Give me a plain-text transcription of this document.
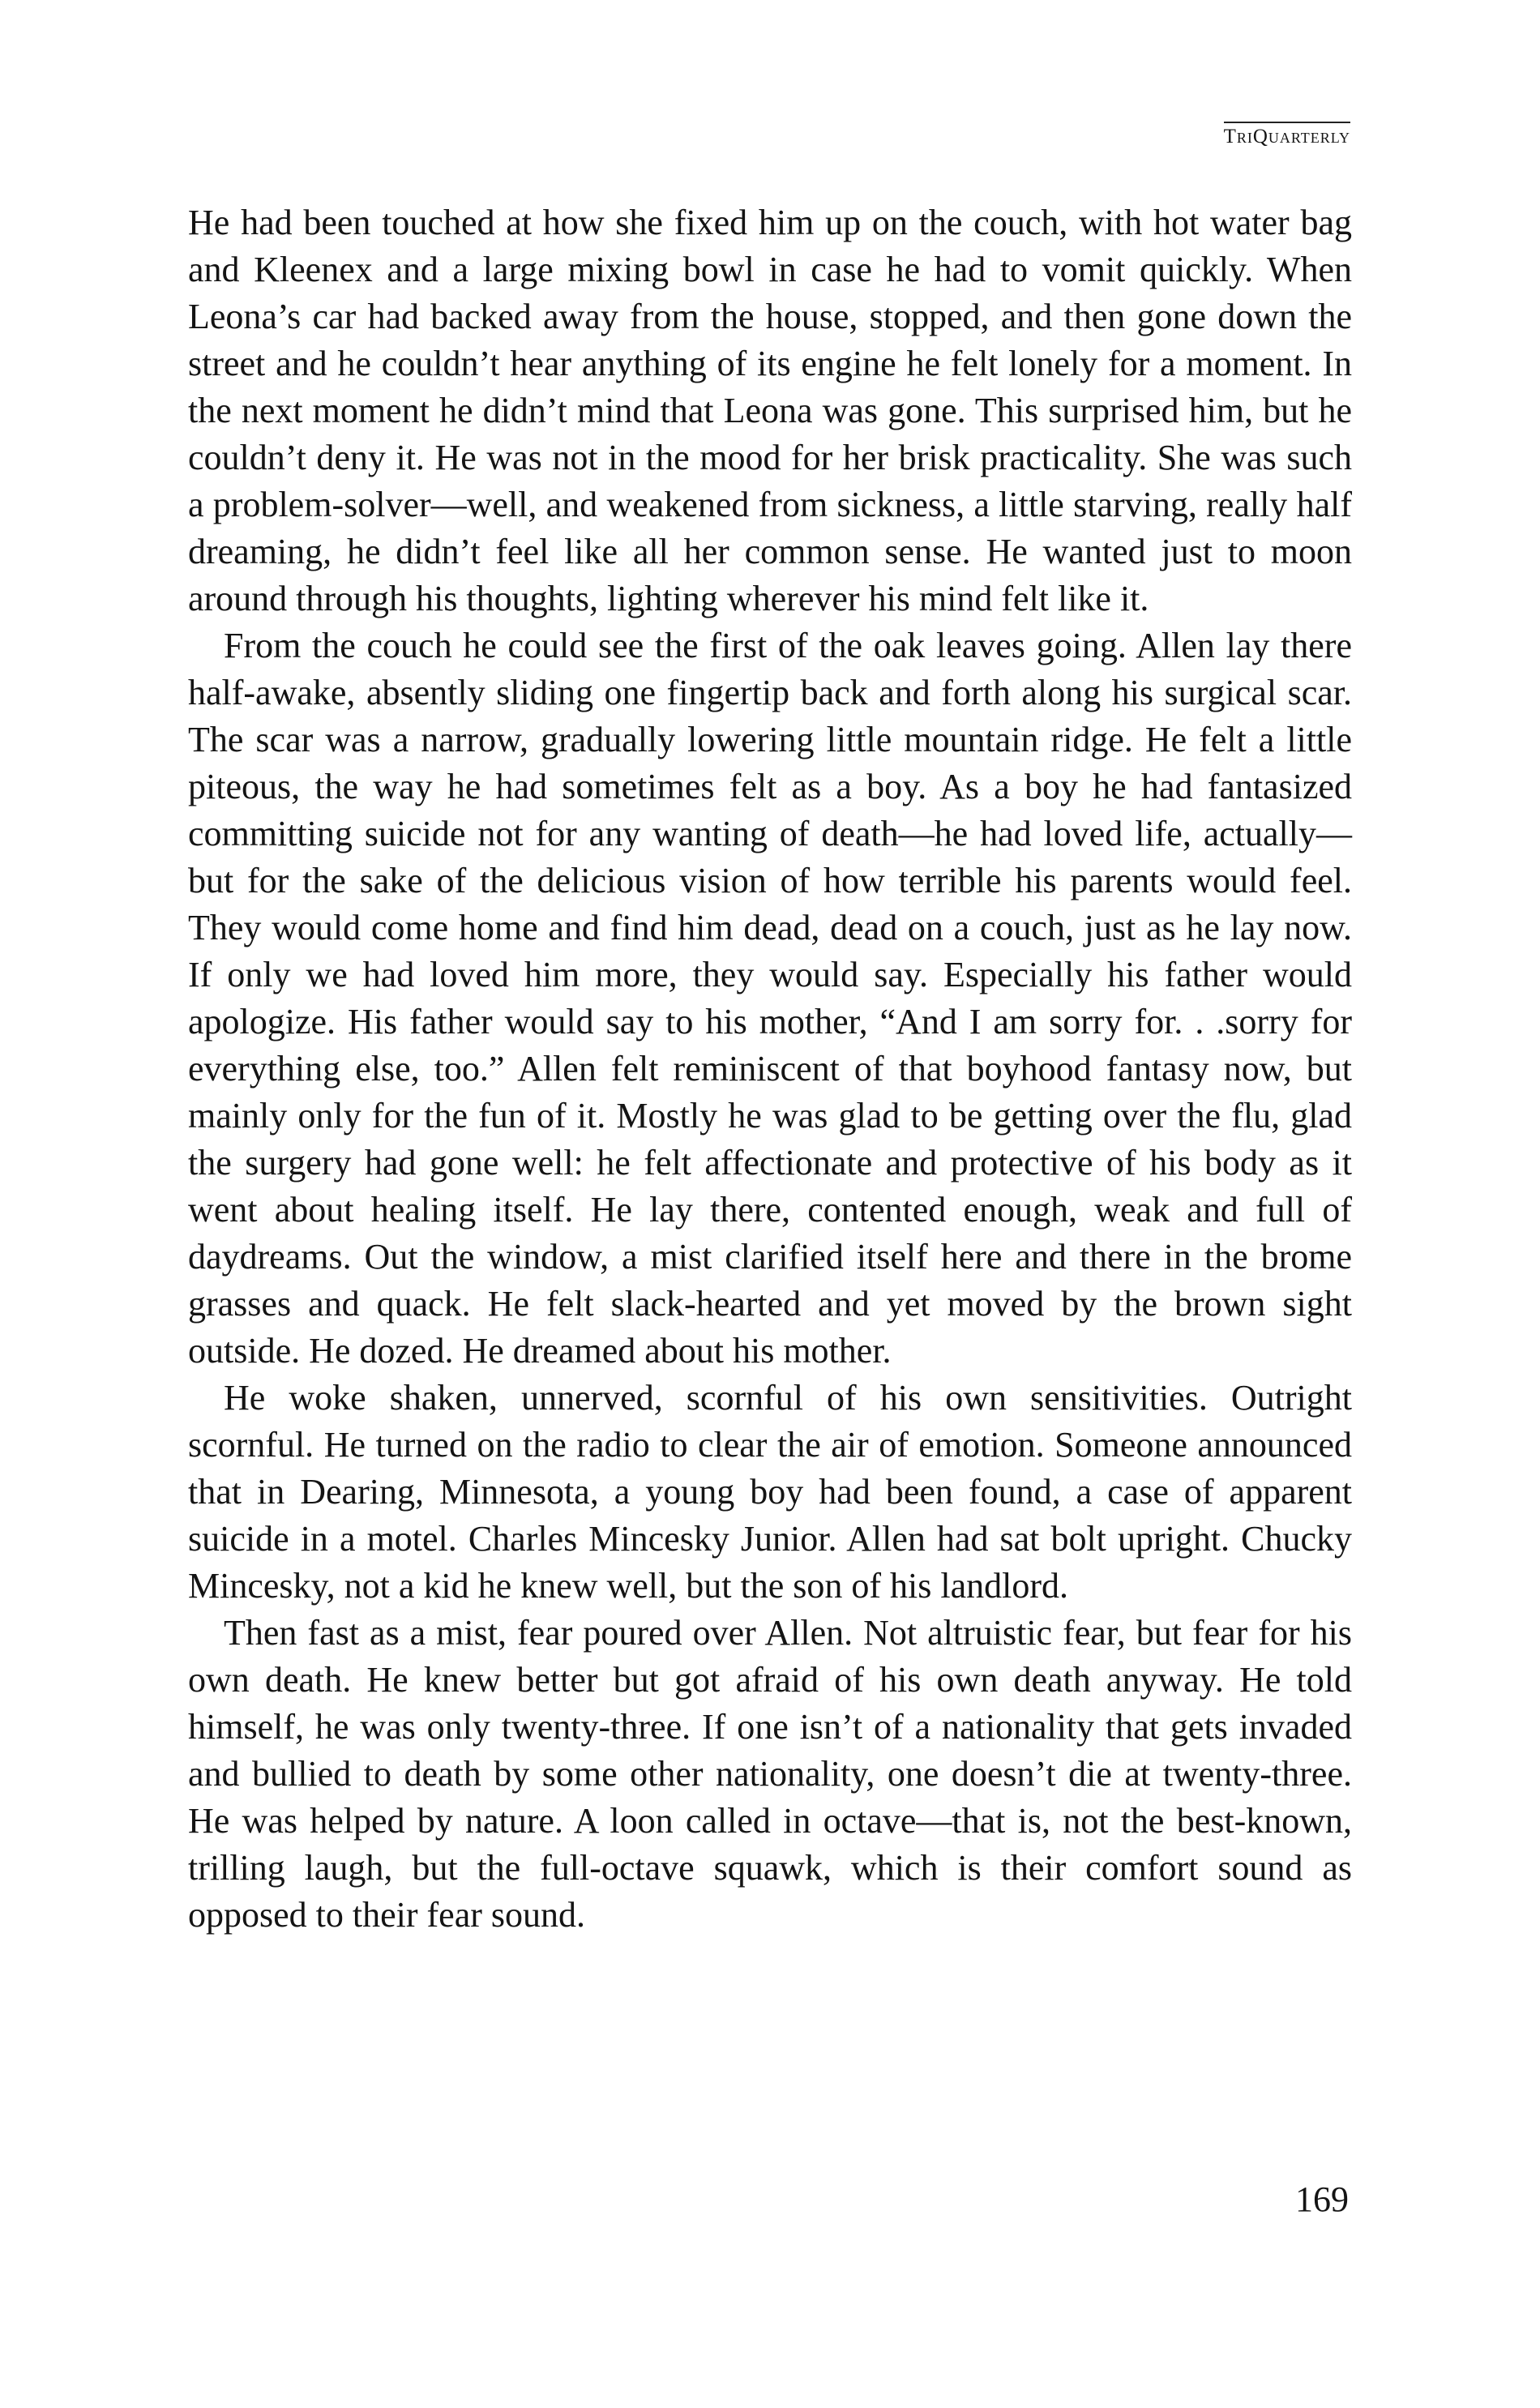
TriQuarterly

He had been touched at how she fixed him up on the couch, with hot water bag and Kleenex and a large mixing bowl in case he had to vomit quickly. When Leona’s car had backed away from the house, stopped, and then gone down the street and he couldn’t hear anything of its engine he felt lonely for a moment. In the next moment he didn’t mind that Leona was gone. This surprised him, but he couldn’t deny it. He was not in the mood for her brisk practicality. She was such a problem-solver—well, and weakened from sickness, a little starving, really half dreaming, he didn’t feel like all her common sense. He wanted just to moon around through his thoughts, lighting wherever his mind felt like it.

From the couch he could see the first of the oak leaves going. Allen lay there half-awake, absently sliding one fingertip back and forth along his surgical scar. The scar was a narrow, gradually lowering little mountain ridge. He felt a little piteous, the way he had sometimes felt as a boy. As a boy he had fantasized committing suicide not for any wanting of death—he had loved life, actually—but for the sake of the delicious vision of how terrible his parents would feel. They would come home and find him dead, dead on a couch, just as he lay now. If only we had loved him more, they would say. Especially his father would apologize. His father would say to his mother, “And I am sorry for. . .sorry for everything else, too.” Allen felt reminiscent of that boyhood fantasy now, but mainly only for the fun of it. Mostly he was glad to be getting over the flu, glad the surgery had gone well: he felt affectionate and protective of his body as it went about healing itself. He lay there, contented enough, weak and full of daydreams. Out the window, a mist clarified itself here and there in the brome grasses and quack. He felt slack-hearted and yet moved by the brown sight outside. He dozed. He dreamed about his mother.

He woke shaken, unnerved, scornful of his own sensitivities. Outright scornful. He turned on the radio to clear the air of emotion. Someone announced that in Dearing, Minnesota, a young boy had been found, a case of apparent suicide in a motel. Charles Mincesky Junior. Allen had sat bolt upright. Chucky Mincesky, not a kid he knew well, but the son of his landlord.

Then fast as a mist, fear poured over Allen. Not altruistic fear, but fear for his own death. He knew better but got afraid of his own death anyway. He told himself, he was only twenty-three. If one isn’t of a nationality that gets invaded and bullied to death by some other nationality, one doesn’t die at twenty-three. He was helped by nature. A loon called in octave—that is, not the best-known, trilling laugh, but the full-octave squawk, which is their comfort sound as opposed to their fear sound.

169
